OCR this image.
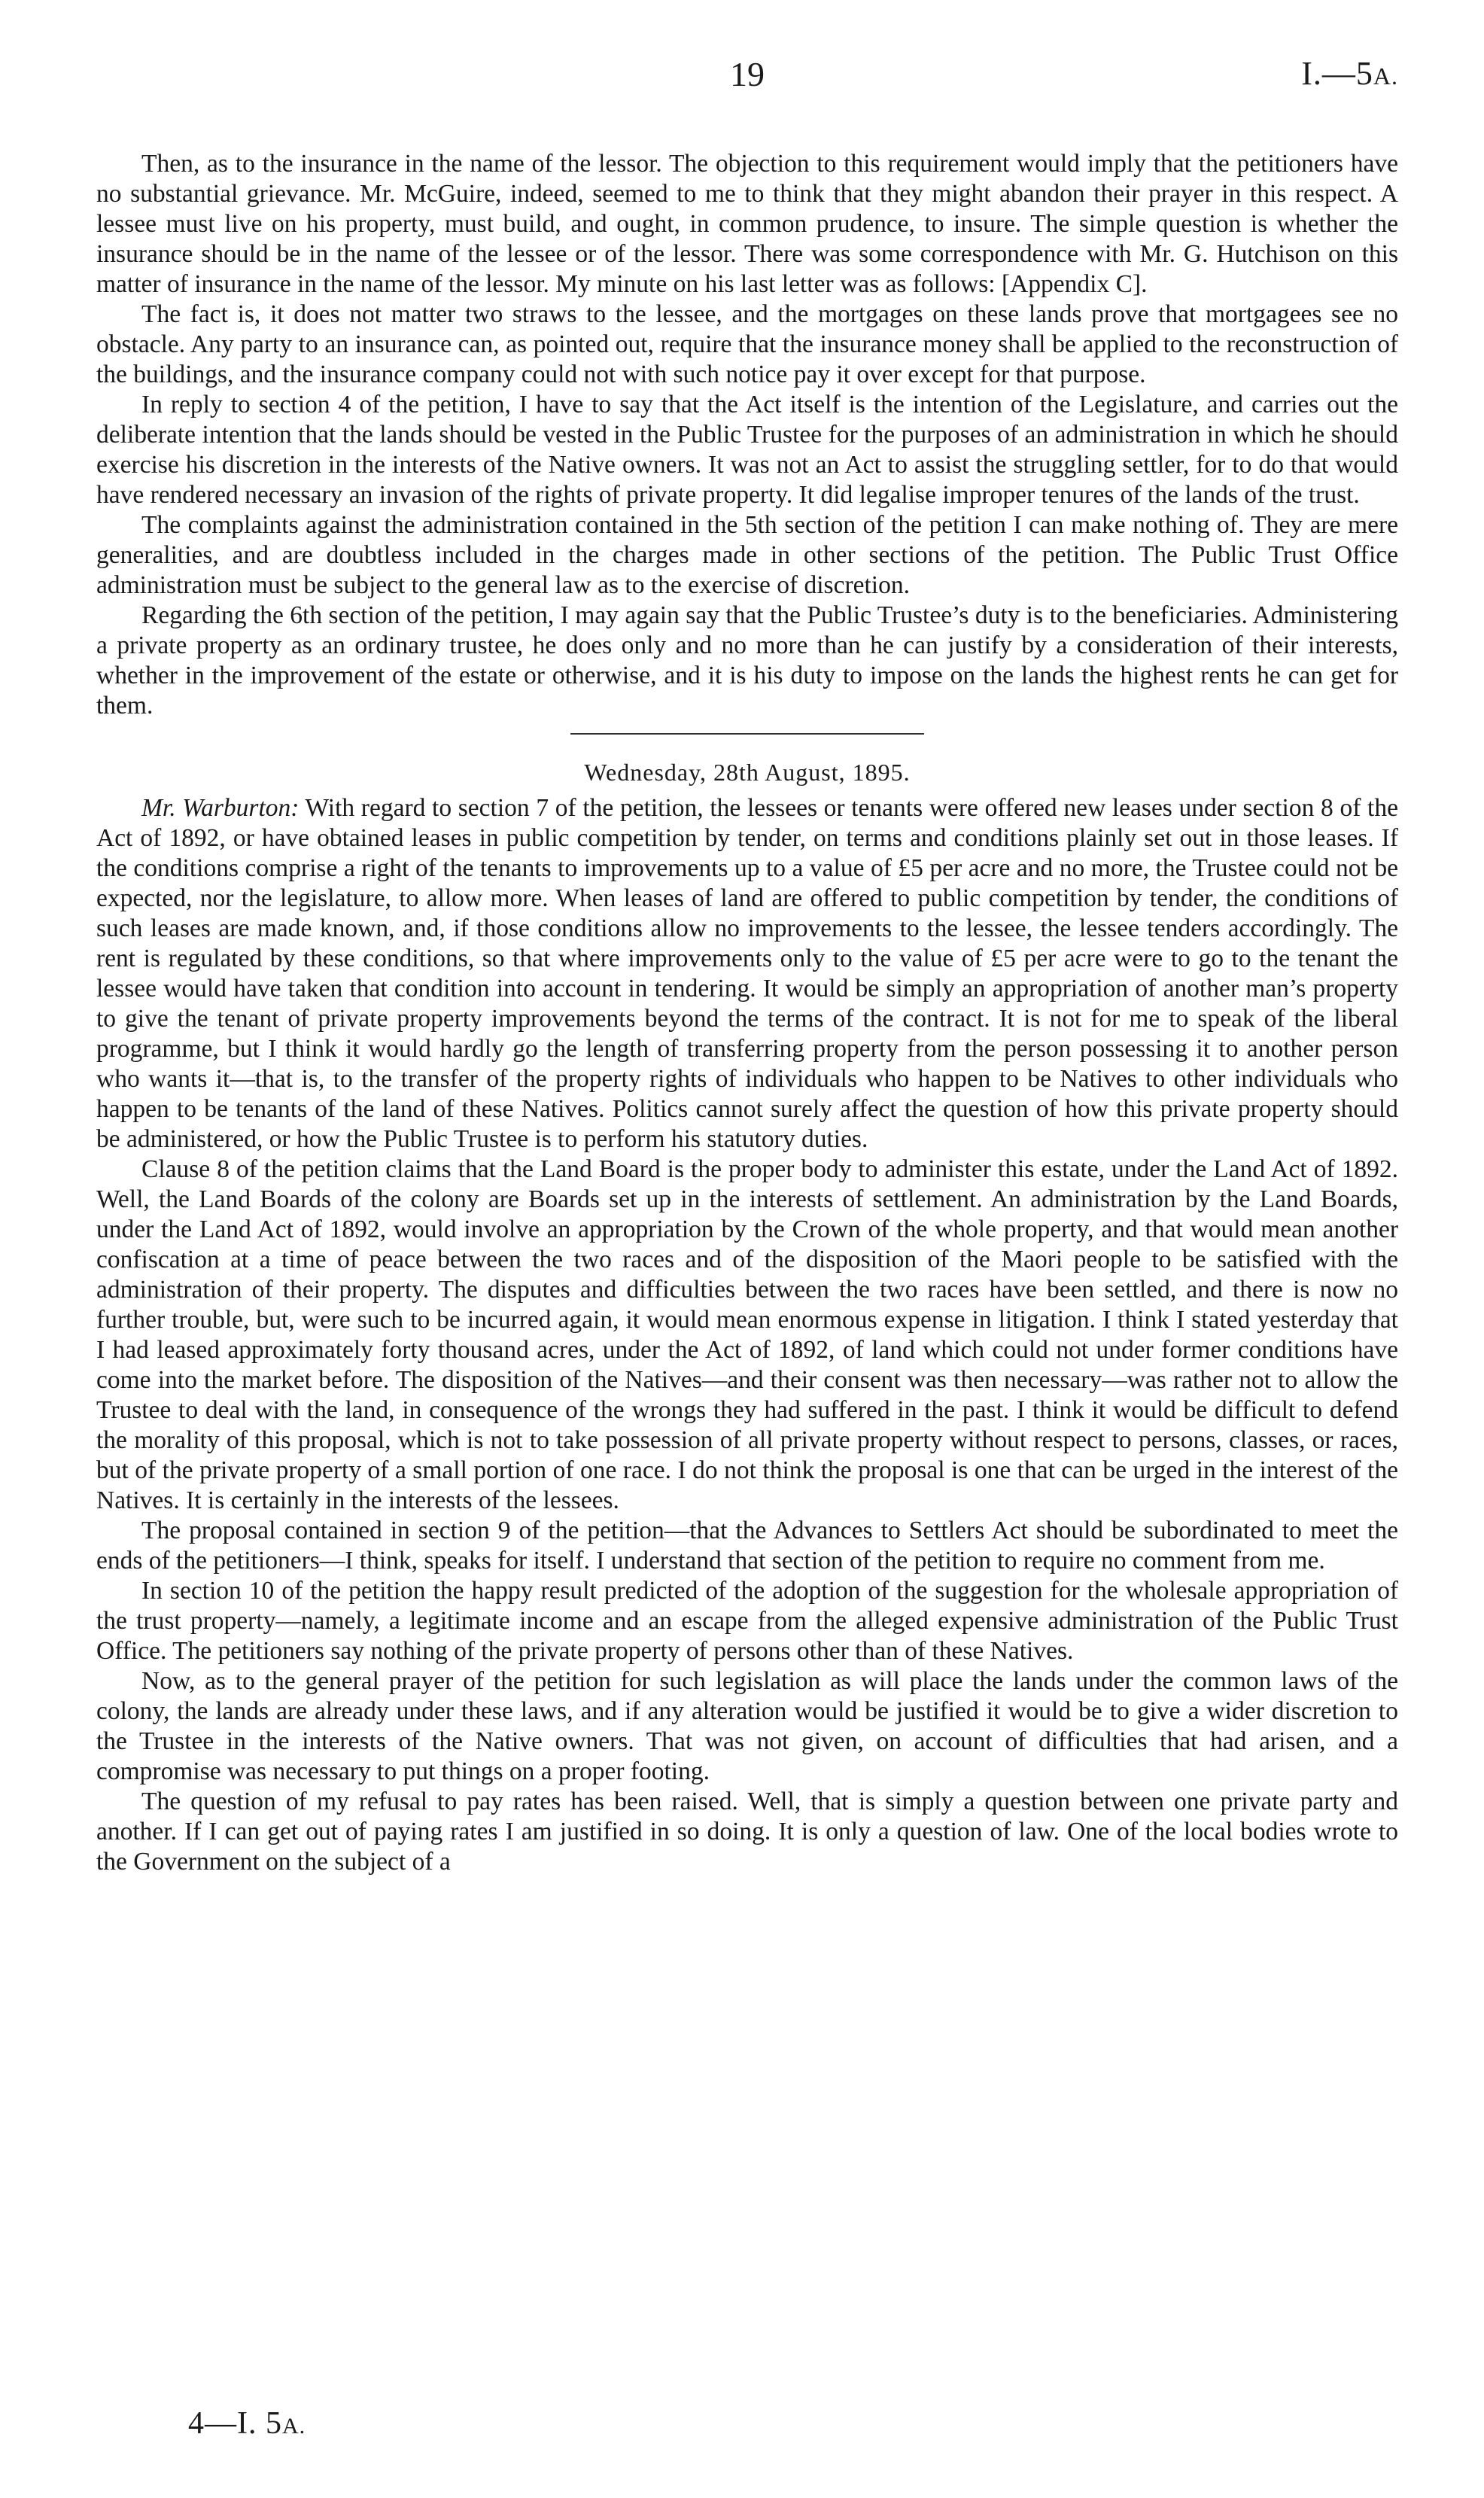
19	I.—5A.

Then, as to the insurance in the name of the lessor. The objection to this requirement would imply that the petitioners have no substantial grievance. Mr. McGuire, indeed, seemed to me to think that they might abandon their prayer in this respect. A lessee must live on his property, must build, and ought, in common prudence, to insure. The simple question is whether the insurance should be in the name of the lessee or of the lessor. There was some correspondence with Mr. G. Hutchison on this matter of insurance in the name of the lessor. My minute on his last letter was as follows: [Appendix C].

The fact is, it does not matter two straws to the lessee, and the mortgages on these lands prove that mortgagees see no obstacle. Any party to an insurance can, as pointed out, require that the insurance money shall be applied to the reconstruction of the buildings, and the insurance company could not with such notice pay it over except for that purpose.

In reply to section 4 of the petition, I have to say that the Act itself is the intention of the Legislature, and carries out the deliberate intention that the lands should be vested in the Public Trustee for the purposes of an administration in which he should exercise his discretion in the interests of the Native owners. It was not an Act to assist the struggling settler, for to do that would have rendered necessary an invasion of the rights of private property. It did legalise improper tenures of the lands of the trust.

The complaints against the administration contained in the 5th section of the petition I can make nothing of. They are mere generalities, and are doubtless included in the charges made in other sections of the petition. The Public Trust Office administration must be subject to the general law as to the exercise of discretion.

Regarding the 6th section of the petition, I may again say that the Public Trustee’s duty is to the beneficiaries. Administering a private property as an ordinary trustee, he does only and no more than he can justify by a consideration of their interests, whether in the improvement of the estate or otherwise, and it is his duty to impose on the lands the highest rents he can get for them.

Wednesday, 28th August, 1895.

Mr. Warburton: With regard to section 7 of the petition, the lessees or tenants were offered new leases under section 8 of the Act of 1892, or have obtained leases in public competition by tender, on terms and conditions plainly set out in those leases. If the conditions comprise a right of the tenants to improvements up to a value of £5 per acre and no more, the Trustee could not be expected, nor the legislature, to allow more. When leases of land are offered to public competition by tender, the conditions of such leases are made known, and, if those conditions allow no improvements to the lessee, the lessee tenders accordingly. The rent is regulated by these conditions, so that where improvements only to the value of £5 per acre were to go to the tenant the lessee would have taken that condition into account in tendering. It would be simply an appropriation of another man’s property to give the tenant of private property improvements beyond the terms of the contract. It is not for me to speak of the liberal programme, but I think it would hardly go the length of transferring property from the person possessing it to another person who wants it—that is, to the transfer of the property rights of individuals who happen to be Natives to other individuals who happen to be tenants of the land of these Natives. Politics cannot surely affect the question of how this private property should be administered, or how the Public Trustee is to perform his statutory duties.

Clause 8 of the petition claims that the Land Board is the proper body to administer this estate, under the Land Act of 1892. Well, the Land Boards of the colony are Boards set up in the interests of settlement. An administration by the Land Boards, under the Land Act of 1892, would involve an appropriation by the Crown of the whole property, and that would mean another confiscation at a time of peace between the two races and of the disposition of the Maori people to be satisfied with the administration of their property. The disputes and difficulties between the two races have been settled, and there is now no further trouble, but, were such to be incurred again, it would mean enormous expense in litigation. I think I stated yesterday that I had leased approximately forty thousand acres, under the Act of 1892, of land which could not under former conditions have come into the market before. The disposition of the Natives—and their consent was then necessary—was rather not to allow the Trustee to deal with the land, in consequence of the wrongs they had suffered in the past. I think it would be difficult to defend the morality of this proposal, which is not to take possession of all private property without respect to persons, classes, or races, but of the private property of a small portion of one race. I do not think the proposal is one that can be urged in the interest of the Natives. It is certainly in the interests of the lessees.

The proposal contained in section 9 of the petition—that the Advances to Settlers Act should be subordinated to meet the ends of the petitioners—I think, speaks for itself. I understand that section of the petition to require no comment from me.

In section 10 of the petition the happy result predicted of the adoption of the suggestion for the wholesale appropriation of the trust property—namely, a legitimate income and an escape from the alleged expensive administration of the Public Trust Office. The petitioners say nothing of the private property of persons other than of these Natives.

Now, as to the general prayer of the petition for such legislation as will place the lands under the common laws of the colony, the lands are already under these laws, and if any alteration would be justified it would be to give a wider discretion to the Trustee in the interests of the Native owners. That was not given, on account of difficulties that had arisen, and a compromise was necessary to put things on a proper footing.

The question of my refusal to pay rates has been raised. Well, that is simply a question between one private party and another. If I can get out of paying rates I am justified in so doing. It is only a question of law. One of the local bodies wrote to the Government on the subject of a

4—I. 5A.
